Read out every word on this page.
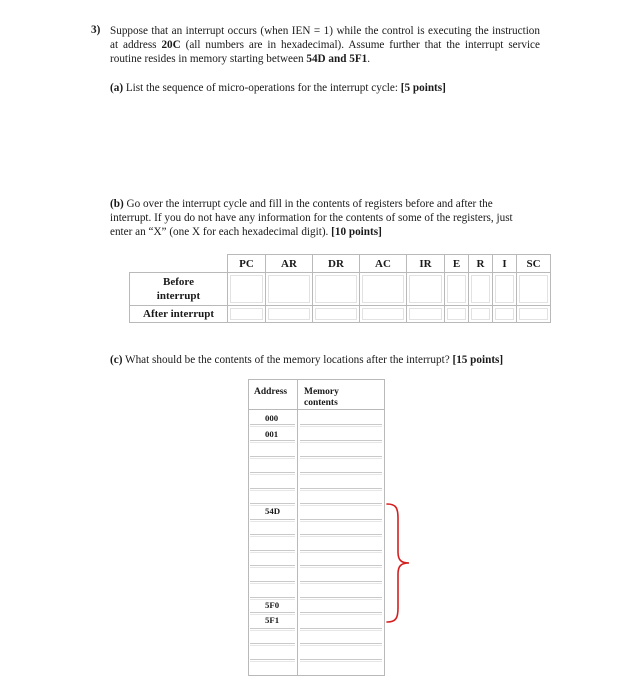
3) Suppose that an interrupt occurs (when IEN = 1) while the control is executing the instruction at address 20C (all numbers are in hexadecimal). Assume further that the interrupt service routine resides in memory starting between 54D and 5F1.
(a) List the sequence of micro-operations for the interrupt cycle: [5 points]
(b) Go over the interrupt cycle and fill in the contents of registers before and after the interrupt. If you do not have any information for the contents of some of the registers, just enter an “X” (one X for each hexadecimal digit). [10 points]
	PC	AR	DR	AC	IR	E	R	I	SC
Before interrupt									
After interrupt									
(c) What should be the contents of the memory locations after the interrupt? [15 points]
Address Memory contents
000
001
54D
5F0
5F1
